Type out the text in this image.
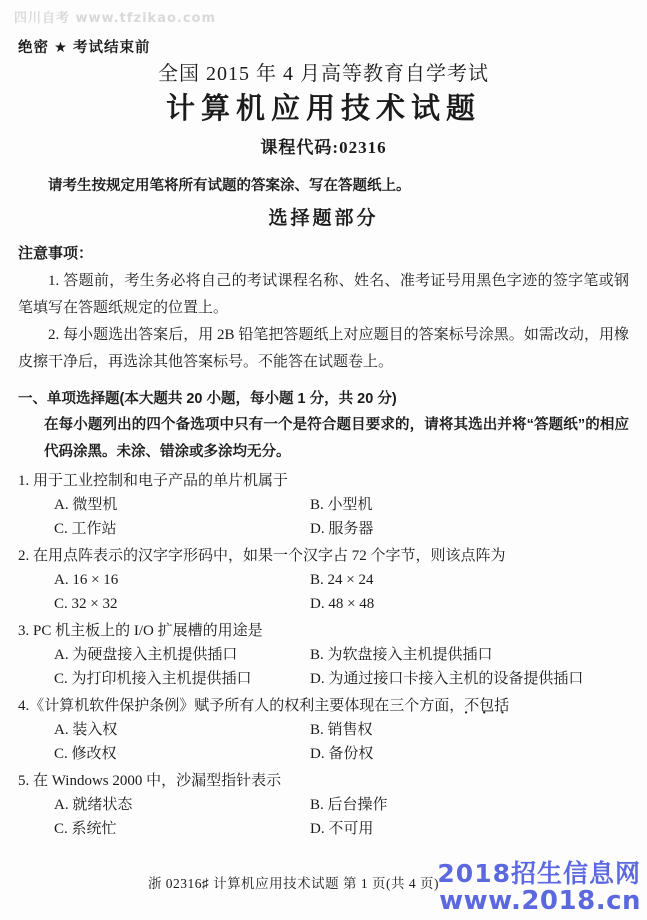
四川自考 www.tfzikao.com
绝密 ★ 考试结束前
全国 2015 年 4 月高等教育自学考试
计算机应用技术试题
课程代码:02316
请考生按规定用笔将所有试题的答案涂、写在答题纸上。
选择题部分
注意事项：

1. 答题前，考生务必将自己的考试课程名称、姓名、准考证号用黑色字迹的签字笔或钢笔填写在答题纸规定的位置上。

2. 每小题选出答案后，用 2B 铅笔把答题纸上对应题目的答案标号涂黑。如需改动，用橡皮擦干净后，再选涂其他答案标号。不能答在试题卷上。

一、单项选择题(本大题共 20 小题，每小题 1 分，共 20 分)
在每小题列出的四个备选项中只有一个是符合题目要求的，请将其选出并将“答题纸”的相应代码涂黑。未涂、错涂或多涂均无分。
1. 用于工业控制和电子产品的单片机属于
A. 微型机	B. 小型机
C. 工作站	D. 服务器
2. 在用点阵表示的汉字字形码中，如果一个汉字占 72 个字节，则该点阵为
A. 16 × 16	B. 24 × 24
C. 32 × 32	D. 48 × 48
3. PC 机主板上的 I/O 扩展槽的用途是
A. 为硬盘接入主机提供插口	B. 为软盘接入主机提供插口
C. 为打印机接入主机提供插口	D. 为通过接口卡接入主机的设备提供插口
4.《计算机软件保护条例》赋予所有人的权利主要体现在三个方面，不包括 · · ·
A. 装入权	B. 销售权
C. 修改权	D. 备份权
5. 在 Windows 2000 中，沙漏型指针表示
A. 就绪状态	B. 后台操作
C. 系统忙	D. 不可用
浙 02316♯ 计算机应用技术试题 第 1 页(共 4 页)
2018招生信息网
www.2018.cn
